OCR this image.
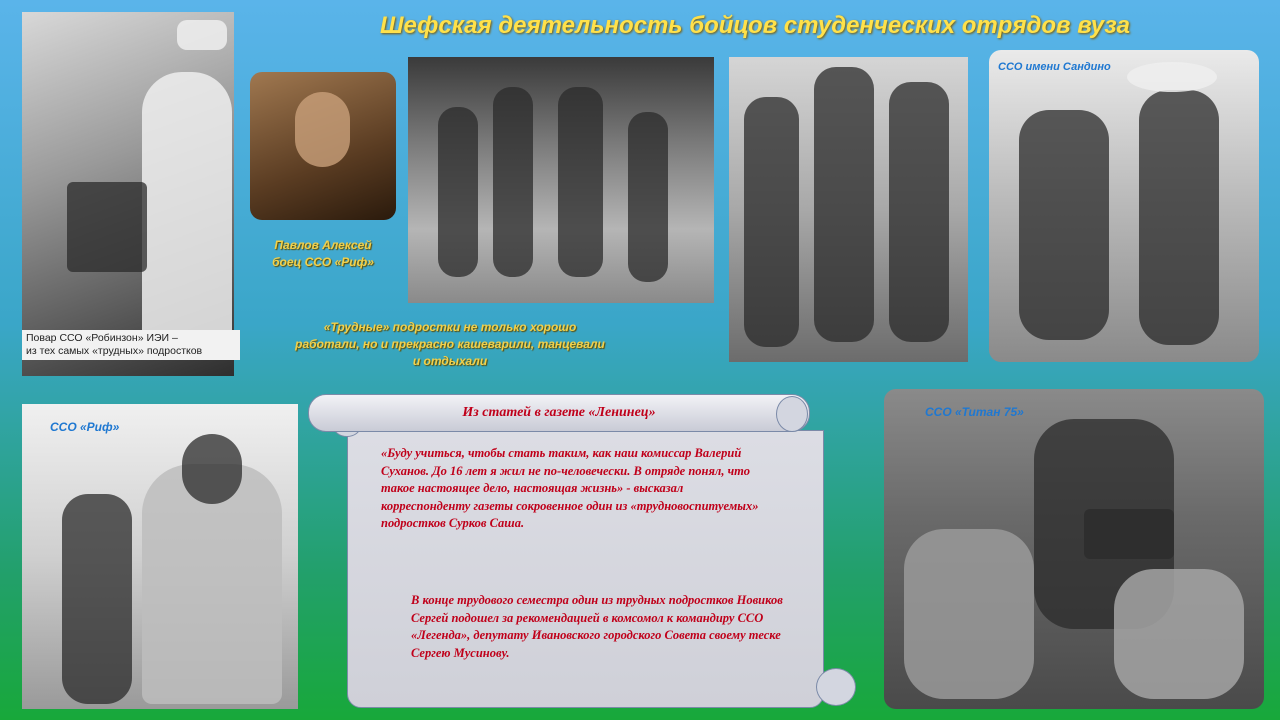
Шефская деятельность бойцов студенческих отрядов вуза
Повар ССО «Робинзон» ИЭИ –
из тех самых «трудных» подростков
Павлов Алексей
боец ССО «Риф»
ССО имени Сандино
«Трудные» подростки не только хорошо работали, но и прекрасно кашеварили, танцевали и отдыхали
ССО «Риф»
ССО «Титан 75»
Из статей в газете «Ленинец»
«Буду учиться, чтобы стать таким, как наш комиссар Валерий Суханов. До 16 лет я жил не по-человечески. В отряде понял, что такое настоящее дело, настоящая жизнь» - высказал корреспонденту газеты сокровенное один из «трудновоспитуемых» подростков Сурков Саша.
В конце трудового семестра один из трудных подростков Новиков Сергей подошел за рекомендацией в комсомол к командиру ССО «Легенда», депутату Ивановского городского Совета своему теске Сергею Мусинову.
